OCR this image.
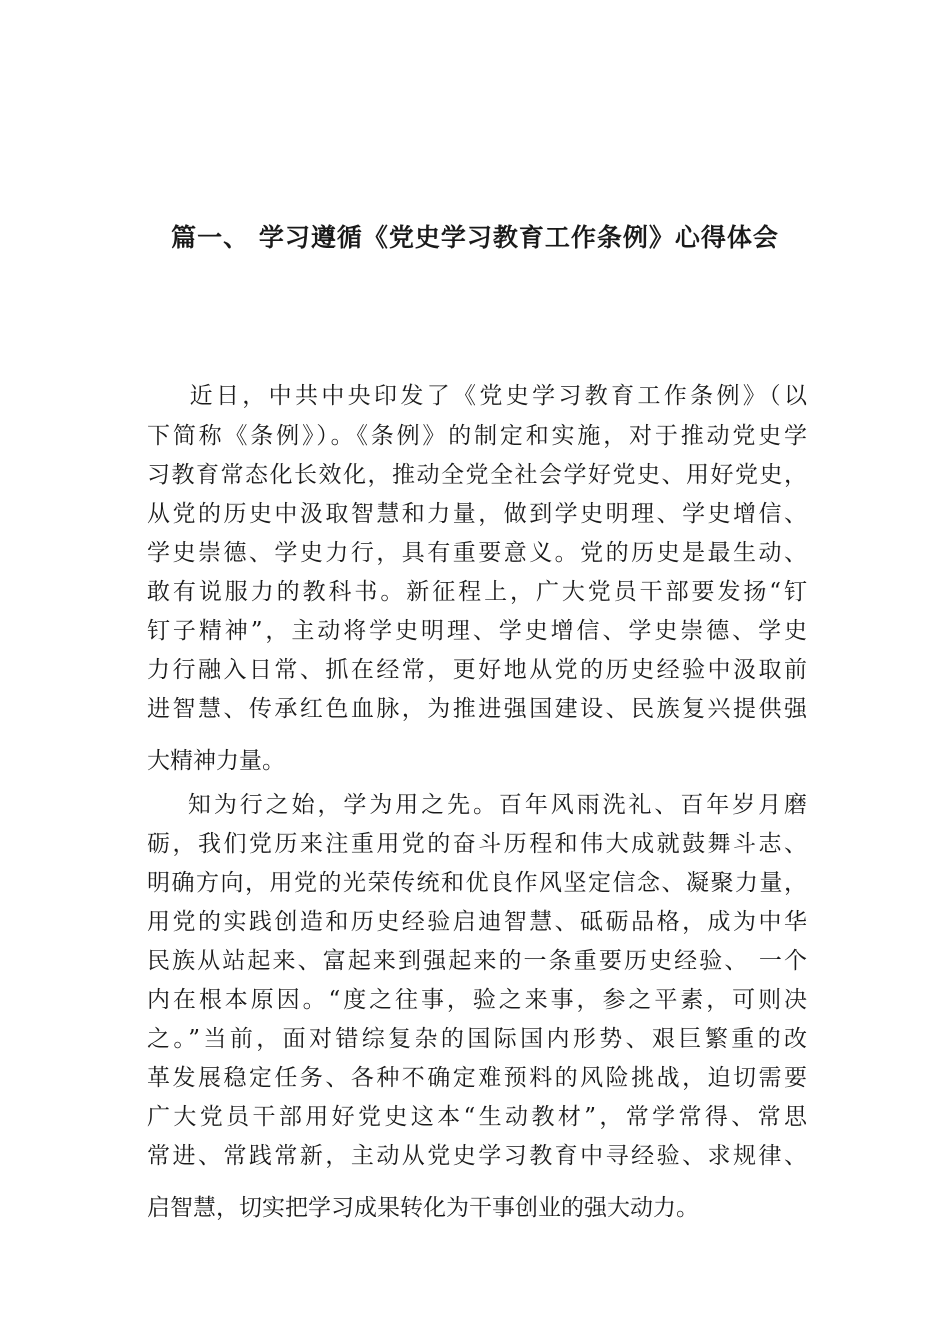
篇一、 学习遵循《党史学习教育工作条例》心得体会

近日，中共中央印发了《党史学习教育工作条例》（以

下简称《条例》）。《条例》的制定和实施，对于推动党史学

习教育常态化长效化，推动全党全社会学好党史、用好党史，

从党的历史中汲取智慧和力量，做到学史明理、学史增信、

学史崇德、学史力行，具有重要意义。党的历史是最生动、

敢有说服力的教科书。新征程上，广大党员干部要发扬“钉

钉子精神”，主动将学史明理、学史增信、学史崇德、学史

力行融入日常、抓在经常，更好地从党的历史经验中汲取前

进智慧、传承红色血脉，为推进强国建设、民族复兴提供强

大精神力量。

知为行之始，学为用之先。百年风雨洗礼、百年岁月磨

砺，我们党历来注重用党的奋斗历程和伟大成就鼓舞斗志、

明确方向，用党的光荣传统和优良作风坚定信念、凝聚力量，

用党的实践创造和历史经验启迪智慧、砥砺品格，成为中华

民族从站起来、富起来到强起来的一条重要历史经验、 一个

内在根本原因。“度之往事，验之来事，参之平素，可则决

之。”当前，面对错综复杂的国际国内形势、艰巨繁重的改

革发展稳定任务、各种不确定难预料的风险挑战，迫切需要

广大党员干部用好党史这本“生动教材”，常学常得、常思

常进、常践常新，主动从党史学习教育中寻经验、求规律、

启智慧，切实把学习成果转化为干事创业的强大动力。
